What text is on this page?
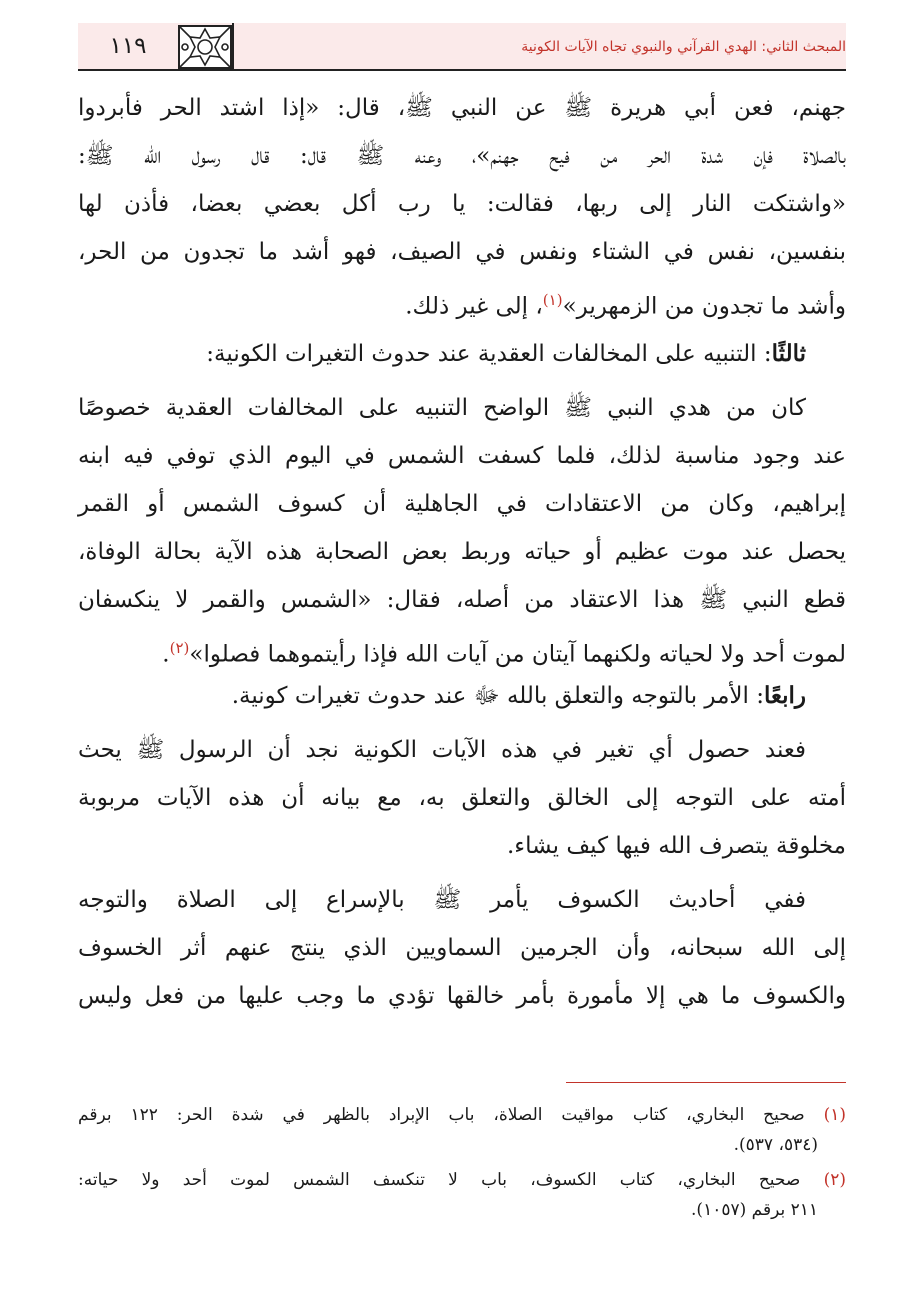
١١٩	المبحث الثاني: الهدي القرآني والنبوي تجاه الآيات الكونية
جهنم، فعن أبي هريرة ﷺ عن النبي ﷺ، قال: «إذا اشتد الحر فأبردوا
بالصلاة فإن شدة الحر من فيح جهنم»، وعنه ﷺ قال: قال رسول الله ﷺ:
«واشتكت النار إلى ربها، فقالت: يا رب أكل بعضي بعضا، فأذن لها
بنفسين، نفس في الشتاء ونفس في الصيف، فهو أشد ما تجدون من الحر،
وأشد ما تجدون من الزمهرير»$^{(١)}$، إلى غير ذلك.
ثالثًا: التنبيه على المخالفات العقدية عند حدوث التغيرات الكونية:
كان من هدي النبي ﷺ الواضح التنبيه على المخالفات العقدية خصوصًا
عند وجود مناسبة لذلك، فلما كسفت الشمس في اليوم الذي توفي فيه ابنه
إبراهيم، وكان من الاعتقادات في الجاهلية أن كسوف الشمس أو القمر
يحصل عند موت عظيم أو حياته وربط بعض الصحابة هذه الآية بحالة الوفاة،
قطع النبي ﷺ هذا الاعتقاد من أصله، فقال: «الشمس والقمر لا ينكسفان
لموت أحد ولا لحياته ولكنهما آيتان من آيات الله فإذا رأيتموهما فصلوا»$^{(٢)}$.
رابعًا: الأمر بالتوجه والتعلق بالله ﷻ عند حدوث تغيرات كونية.
فعند حصول أي تغير في هذه الآيات الكونية نجد أن الرسول ﷺ يحث
أمته على التوجه إلى الخالق والتعلق به، مع بيانه أن هذه الآيات مربوبة
مخلوقة يتصرف الله فيها كيف يشاء.
ففي أحاديث الكسوف يأمر ﷺ بالإسراع إلى الصلاة والتوجه
إلى الله سبحانه، وأن الجرمين السماويين الذي ينتج عنهم أثر الخسوف
والكسوف ما هي إلا مأمورة بأمر خالقها تؤدي ما وجب عليها من فعل وليس
(١) صحيح البخاري، كتاب مواقيت الصلاة، باب الإبراد بالظهر في شدة الحر: ١٢٢ برقم
(٥٣٤، ٥٣٧).
(٢) صحيح البخاري، كتاب الكسوف، باب لا تنكسف الشمس لموت أحد ولا حياته:
٢١١ برقم (١٠٥٧).
